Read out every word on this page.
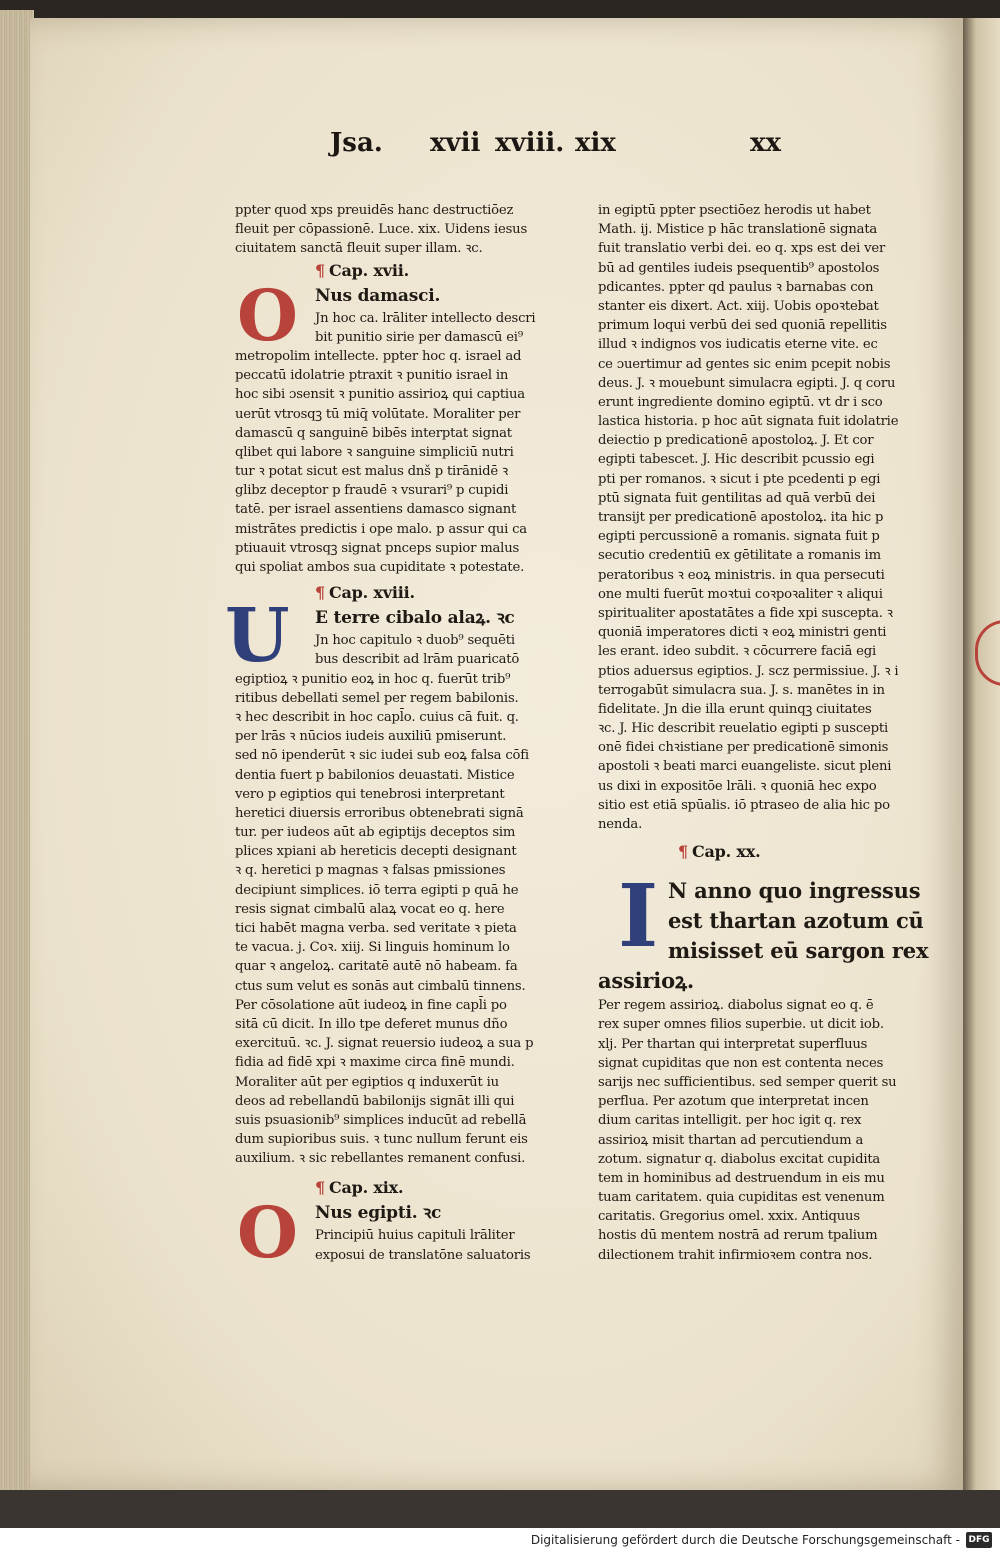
Jsa. xvii xviii. xix	xx
ppter quod xps preuidēs hanc destructiōez
fleuit per cōpassionē. Luce. xix. Uidens iesus
ciuitatem sanctā fleuit super illam. ꝛc.
¶ Cap. xvii.
O	Nus damasci.
Jn hoc ca. lrāliter intellecto descri
bit punitio sirie per damascū ei⁹
metropolim intellecte. ppter hoc q. israel ad
peccatū idolatrie ptraxit ꝛ punitio israel in
hoc sibi ɔsensit ꝛ punitio assirioꝝ qui captiua
uerūt vtrosqꝫ tū miq̄ volūtate. Moraliter per
damascū q sanguinē bibēs interptat signat
qlibet qui labore ꝛ sanguine simpliciū nutri
tur ꝛ potat sicut est malus dnš p tirānidē ꝛ
glibz deceptor p fraudē ꝛ vsurari⁹ p cupidi
tatē. per israel assentiens damasco signant
mistrātes predictis i ope malo. p assur qui ca
ptiuauit vtrosqꝫ signat pnceps supior malus
qui spoliat ambos sua cupiditate ꝛ potestate.
¶ Cap. xviii.
U	E terre cibalo alaꝝ. ꝛc
Jn hoc capitulo ꝛ duob⁹ sequēti
bus describit ad lrām puaricatō
egiptioꝝ ꝛ punitio eoꝝ in hoc q. fuerūt trib⁹
ritibus debellati semel per regem babilonis.
ꝛ hec describit in hoc capl̄o. cuius cā fuit. q.
per lrās ꝛ nūcios iudeis auxiliū pmiserunt.
sed nō ipenderūt ꝛ sic iudei sub eoꝝ falsa cōfi
dentia fuert p babilonios deuastati. Mistice
vero p egiptios qui tenebrosi interpretant
heretici diuersis erroribus obtenebrati signā
tur. per iudeos aūt ab egiptijs deceptos sim
plices xpiani ab hereticis decepti designant
ꝛ q. heretici p magnas ꝛ falsas pmissiones
decipiunt simplices. iō terra egipti p quā he
resis signat cimbalū alaꝝ vocat eo q. here
tici habēt magna verba. sed veritate ꝛ pieta
te vacua. j. Coꝛ. xiij. Si linguis hominum lo
quar ꝛ angeloꝝ. caritatē autē nō habeam. fa
ctus sum velut es sonās aut cimbalū tinnens.
Per cōsolatione aūt iudeoꝝ in fine capl̄i po
sitā cū dicit. In illo tpe deferet munus dño
exercituū. ꝛc. J. signat reuersio iudeoꝝ a sua p
fidia ad fidē xpi ꝛ maxime circa finē mundi.
Moraliter aūt per egiptios q induxerūt iu
deos ad rebellandū babilonijs signāt illi qui
suis psuasionib⁹ simplices inducūt ad rebellā
dum supioribus suis. ꝛ tunc nullum ferunt eis
auxilium. ꝛ sic rebellantes remanent confusi.
¶ Cap. xix.
O	Nus egipti. ꝛc
Principiū huius capituli lrāliter
exposui de translatōne saluatoris
in egiptū ppter psectiōez herodis ut habet
Math. ij. Mistice p hāc translationē signata
fuit translatio verbi dei. eo q. xps est dei ver
bū ad gentiles iudeis psequentib⁹ apostolos
pdicantes. ppter qd paulus ꝛ barnabas con
stanter eis dixert. Act. xiij. Uobis opoꝛtebat
primum loqui verbū dei sed quoniā repellitis
illud ꝛ indignos vos iudicatis eterne vite. ec
ce ɔuertimur ad gentes sic enim pcepit nobis
deus. J. ꝛ mouebunt simulacra egipti. J. q coru
erunt ingrediente domino egiptū. vt dr i sco
lastica historia. p hoc aūt signata fuit idolatrie
deiectio p predicationē apostoloꝝ. J. Et cor
egipti tabescet. J. Hic describit pcussio egi
pti per romanos. ꝛ sicut i pte pcedenti p egi
ptū signata fuit gentilitas ad quā verbū dei
transijt per predicationē apostoloꝝ. ita hic p
egipti percussionē a romanis. signata fuit p
secutio credentiū ex gētilitate a romanis im
peratoribus ꝛ eoꝝ ministris. in qua persecuti
one multi fuerūt moꝛtui coꝛpoꝛaliter ꝛ aliqui
spiritualiter apostatātes a fide xpi suscepta. ꝛ
quoniā imperatores dicti ꝛ eoꝝ ministri genti
les erant. ideo subdit. ꝛ cōcurrere faciā egi
ptios aduersus egiptios. J. scz permissiue. J. ꝛ i
terrogabūt simulacra sua. J. s. manētes in in
fidelitate. Jn die illa erunt quinqꝫ ciuitates
ꝛc. J. Hic describit reuelatio egipti p suscepti
onē fidei chꝛistiane per predicationē simonis
apostoli ꝛ beati marci euangeliste. sicut pleni
us dixi in expositōe lrāli. ꝛ quoniā hec expo
sitio est etiā spūalis. iō ptraseo de alia hic po
nenda.
¶ Cap. xx.
I N anno quo ingressus
est thartan azotum cū
misisset eū sargon rex
assirioꝝ.
Per regem assirioꝝ. diabolus signat eo q. ē
rex super omnes filios superbie. ut dicit iob.
xlj. Per thartan qui interpretat superfluus
signat cupiditas que non est contenta neces
sarijs nec sufficientibus. sed semper querit su
perflua. Per azotum que interpretat incen
dium caritas intelligit. per hoc igit q. rex
assirioꝝ misit thartan ad percutiendum a
zotum. signatur q. diabolus excitat cupidita
tem in hominibus ad destruendum in eis mu
tuam caritatem. quia cupiditas est venenum
caritatis. Gregorius omel. xxix. Antiquus
hostis dū mentem nostrā ad rerum tpalium
dilectionem trahit infirmioꝛem contra nos.
Digitalisierung gefördert durch die Deutsche Forschungsgemeinschaft - DFG
